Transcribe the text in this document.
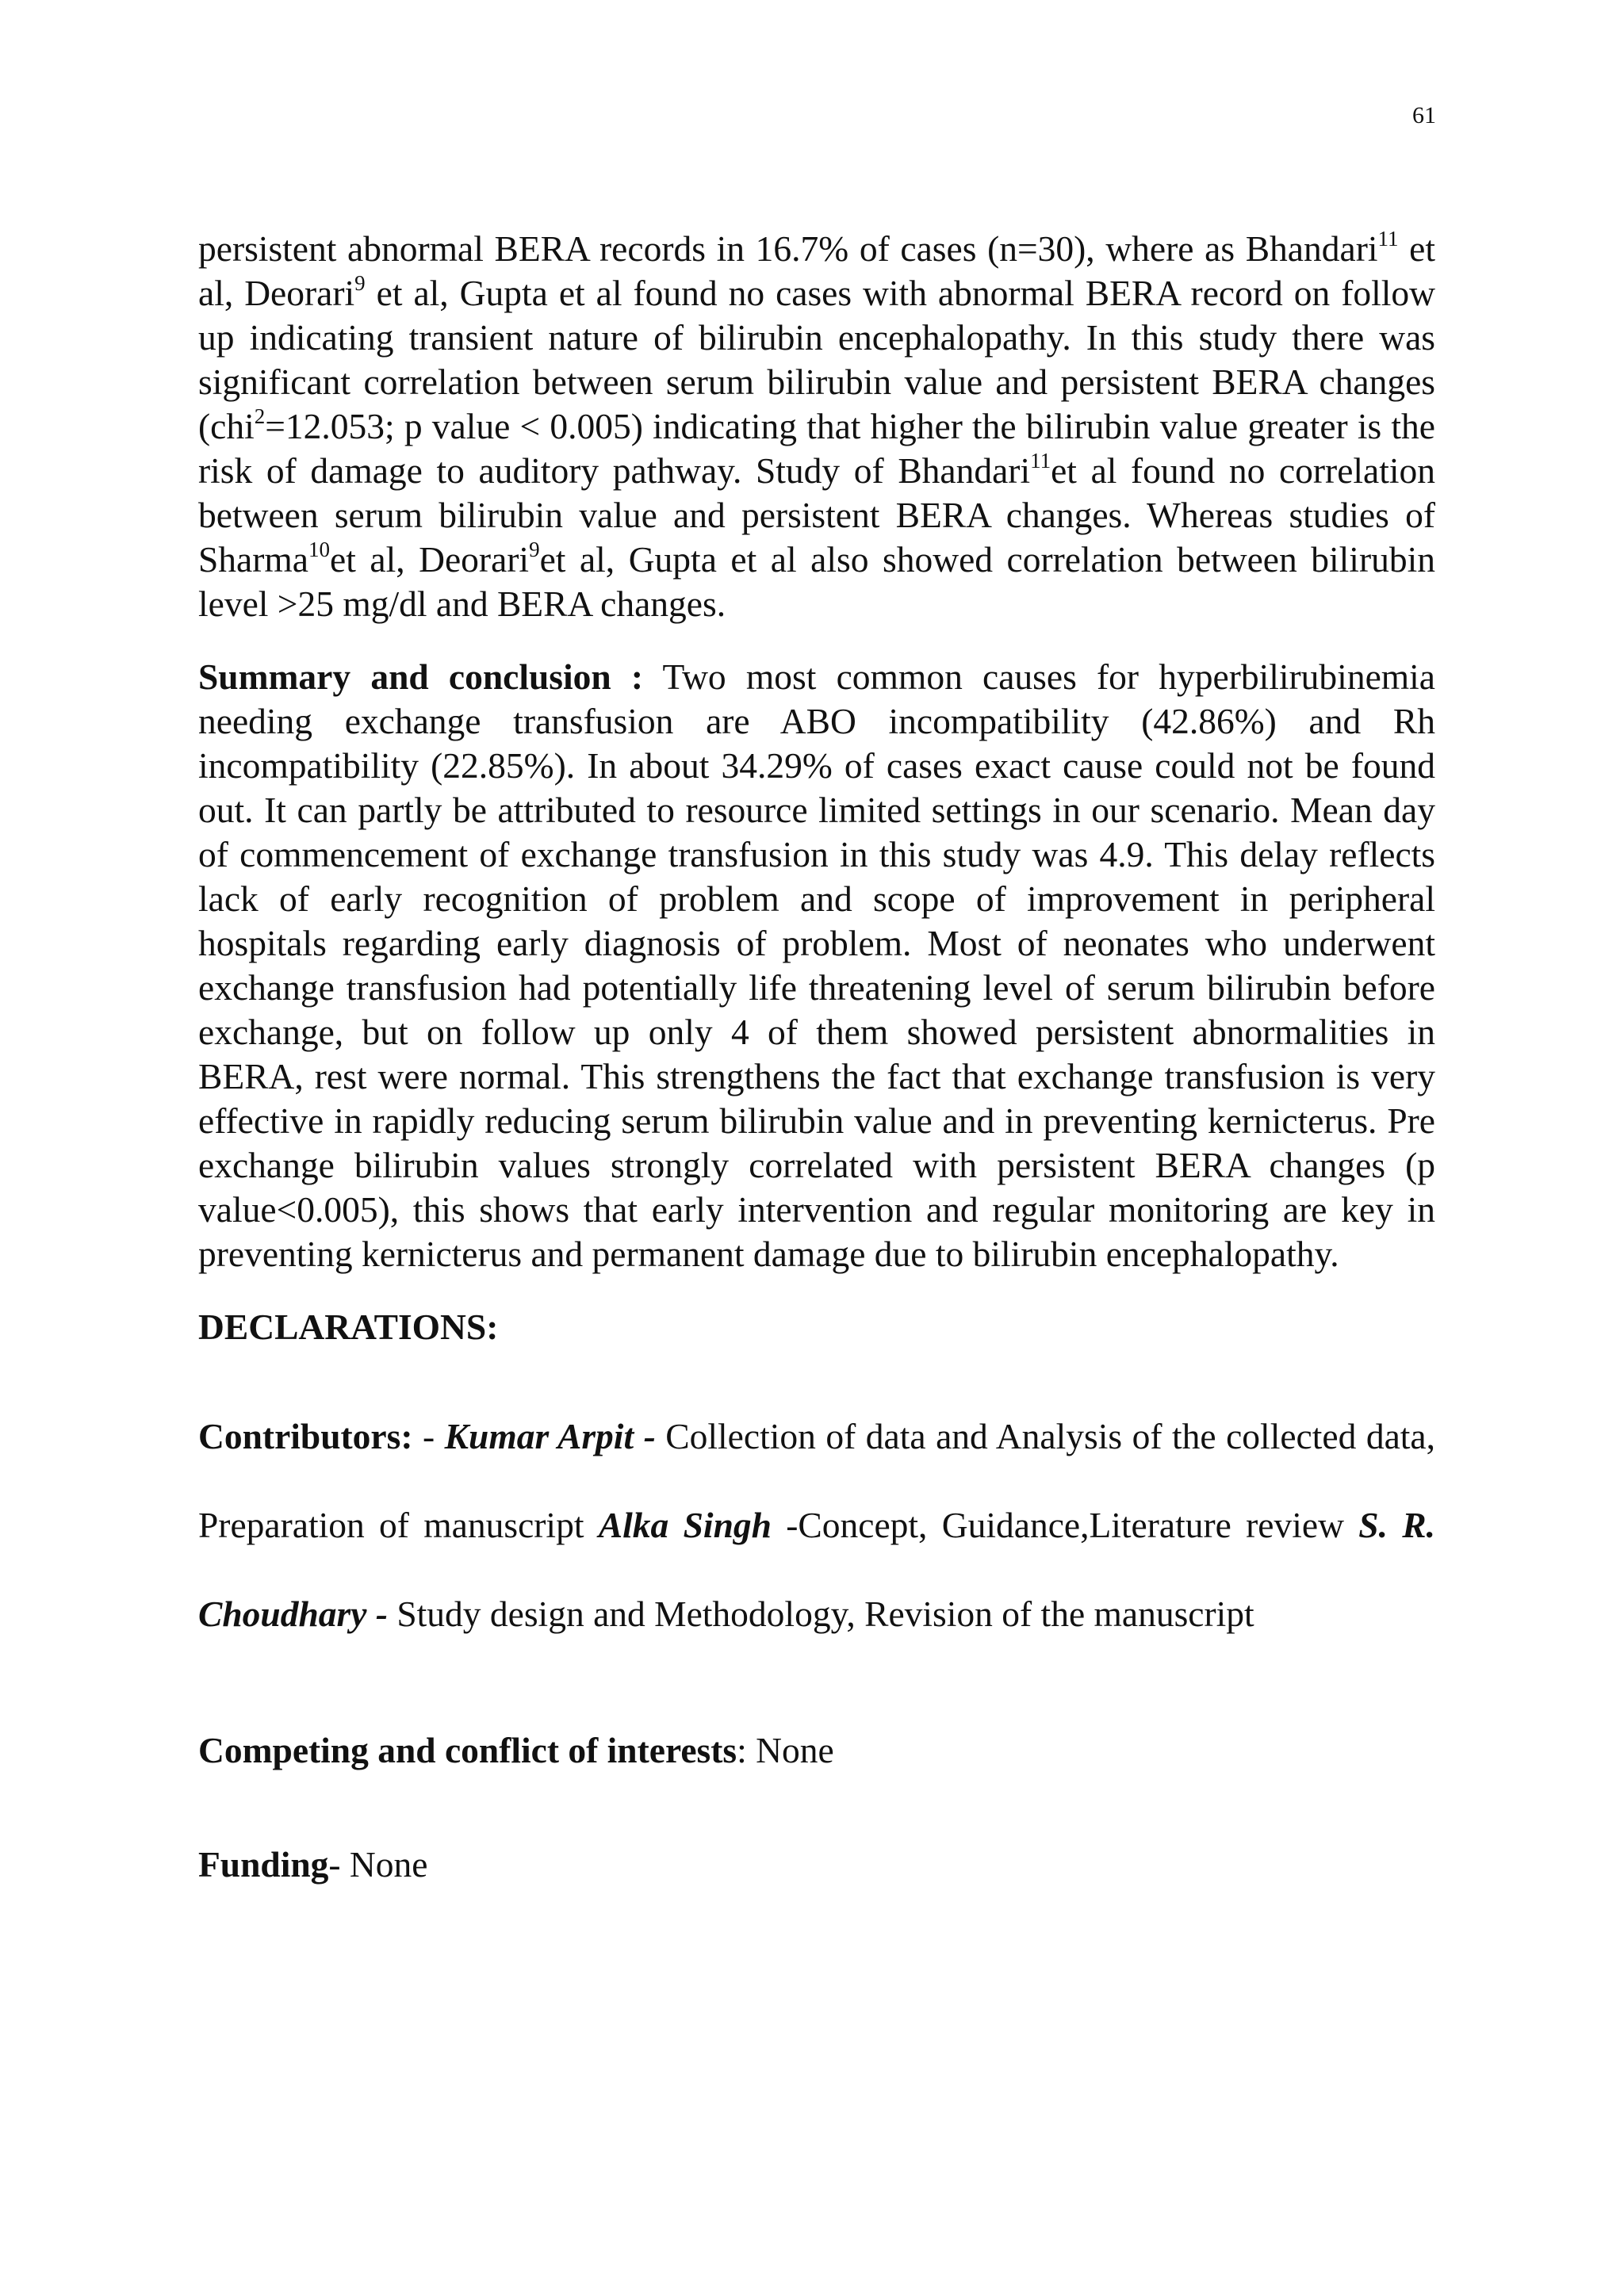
61

persistent abnormal BERA records in 16.7% of cases (n=30), where as Bhandari$^{11}$ et al, Deorari$^9$ et al, Gupta et al found no cases with abnormal BERA record on follow up indicating transient nature of bilirubin encephalopathy. In this study there was significant correlation between serum bilirubin value and persistent BERA changes (chi$^2$=12.053; p value < 0.005) indicating that higher the bilirubin value greater is the risk of damage to auditory pathway. Study of Bhandari$^{11}$et al found no correlation between serum bilirubin value and persistent BERA changes. Whereas studies of Sharma$^{10}$et al, Deorari$^9$et al, Gupta et al also showed correlation between bilirubin level >25 mg/dl and BERA changes.

Summary and conclusion : Two most common causes for hyperbilirubinemia needing exchange transfusion are ABO incompatibility (42.86%) and Rh incompatibility (22.85%). In about 34.29% of cases exact cause could not be found out. It can partly be attributed to resource limited settings in our scenario. Mean day of commencement of exchange transfusion in this study was 4.9. This delay reflects lack of early recognition of problem and scope of improvement in peripheral hospitals regarding early diagnosis of problem. Most of neonates who underwent exchange transfusion had potentially life threatening level of serum bilirubin before exchange, but on follow up only 4 of them showed persistent abnormalities in BERA, rest were normal. This strengthens the fact that exchange transfusion is very effective in rapidly reducing serum bilirubin value and in preventing kernicterus. Pre exchange bilirubin values strongly correlated with persistent BERA changes (p value<0.005), this shows that early intervention and regular monitoring are key in preventing kernicterus and permanent damage due to bilirubin encephalopathy.

DECLARATIONS:

Contributors: - Kumar Arpit - Collection of data and Analysis of the collected data, Preparation of manuscript Alka Singh -Concept, Guidance,Literature review S. R. Choudhary - Study design and Methodology, Revision of the manuscript

Competing and conflict of interests: None

Funding- None
